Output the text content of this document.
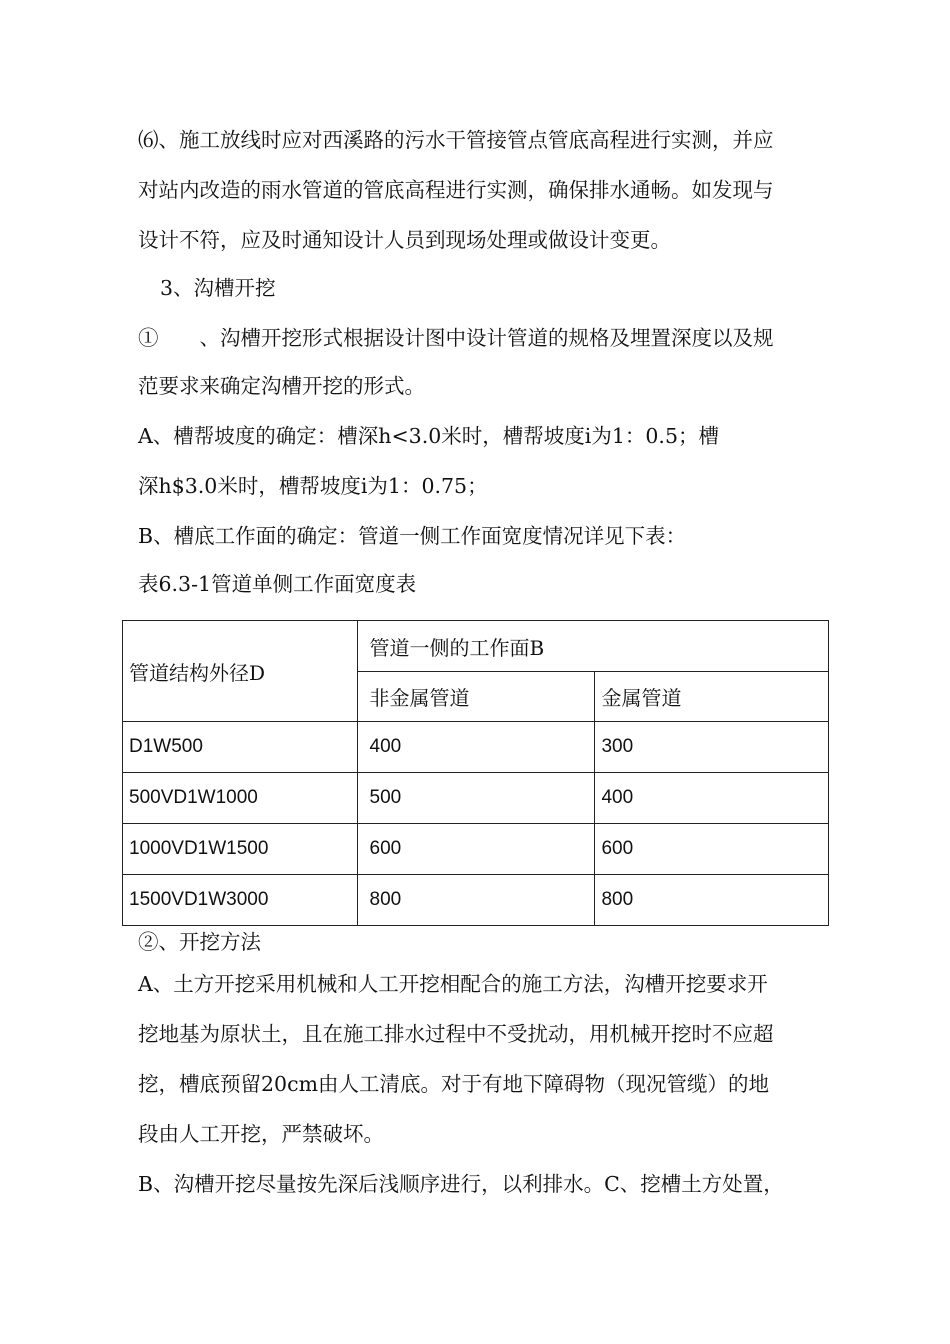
⑹、施工放线时应对西溪路的污水干管接管点管底高程进行实测，并应
对站内改造的雨水管道的管底高程进行实测，确保排水通畅。如发现与
设计不符，应及时通知设计人员到现场处理或做设计变更。
3、沟槽开挖
①　　、沟槽开挖形式根据设计图中设计管道的规格及埋置深度以及规
范要求来确定沟槽开挖的形式。
A、槽帮坡度的确定：槽深h<3.0米时，槽帮坡度i为1：0.5；槽
深h$3.0米时，槽帮坡度i为1：0.75；
B、槽底工作面的确定：管道一侧工作面宽度情况详见下表：
表6.3-1管道单侧工作面宽度表
管道结构外径D	管道一侧的工作面B	
	非金属管道	金属管道
D1W500	400	300
500VD1W1000	500	400
1000VD1W1500	600	600
1500VD1W3000	800	800
②、开挖方法
A、土方开挖采用机械和人工开挖相配合的施工方法，沟槽开挖要求开
挖地基为原状土，且在施工排水过程中不受扰动，用机械开挖时不应超
挖，槽底预留20cm由人工清底。对于有地下障碍物（现况管缆）的地
段由人工开挖，严禁破坏。
B、沟槽开挖尽量按先深后浅顺序进行，以利排水。C、挖槽土方处置，
